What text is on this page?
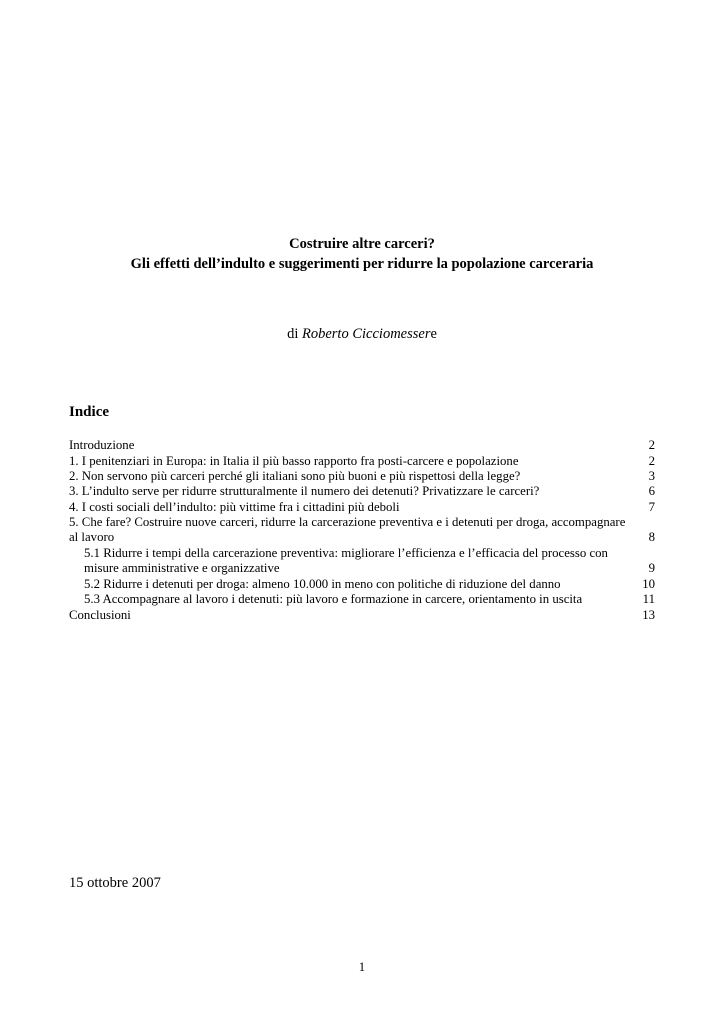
Costruire altre carceri?
Gli effetti dell’indulto e suggerimenti per ridurre la popolazione carceraria
di Roberto Cicciomessere
Indice
Introduzione	2
1. I penitenziari in Europa: in Italia il più basso rapporto fra posti-carcere e popolazione	2
2. Non servono più carceri perché gli italiani sono più buoni e più rispettosi della legge?	3
3. L’indulto serve per ridurre strutturalmente il numero dei detenuti? Privatizzare le carceri?	6
4. I costi sociali dell’indulto: più vittime fra i cittadini più deboli	7
5. Che fare? Costruire nuove carceri, ridurre la carcerazione preventiva e i detenuti per droga, accompagnare
al lavoro	8
5.1 Ridurre i tempi della carcerazione preventiva: migliorare l’efficienza e l’efficacia del processo con
misure amministrative e organizzative	9
5.2 Ridurre i detenuti per droga: almeno 10.000 in meno con politiche di riduzione del danno	10
5.3 Accompagnare al lavoro i detenuti: più lavoro e formazione in carcere, orientamento in uscita	11
Conclusioni	13
15 ottobre 2007
1
